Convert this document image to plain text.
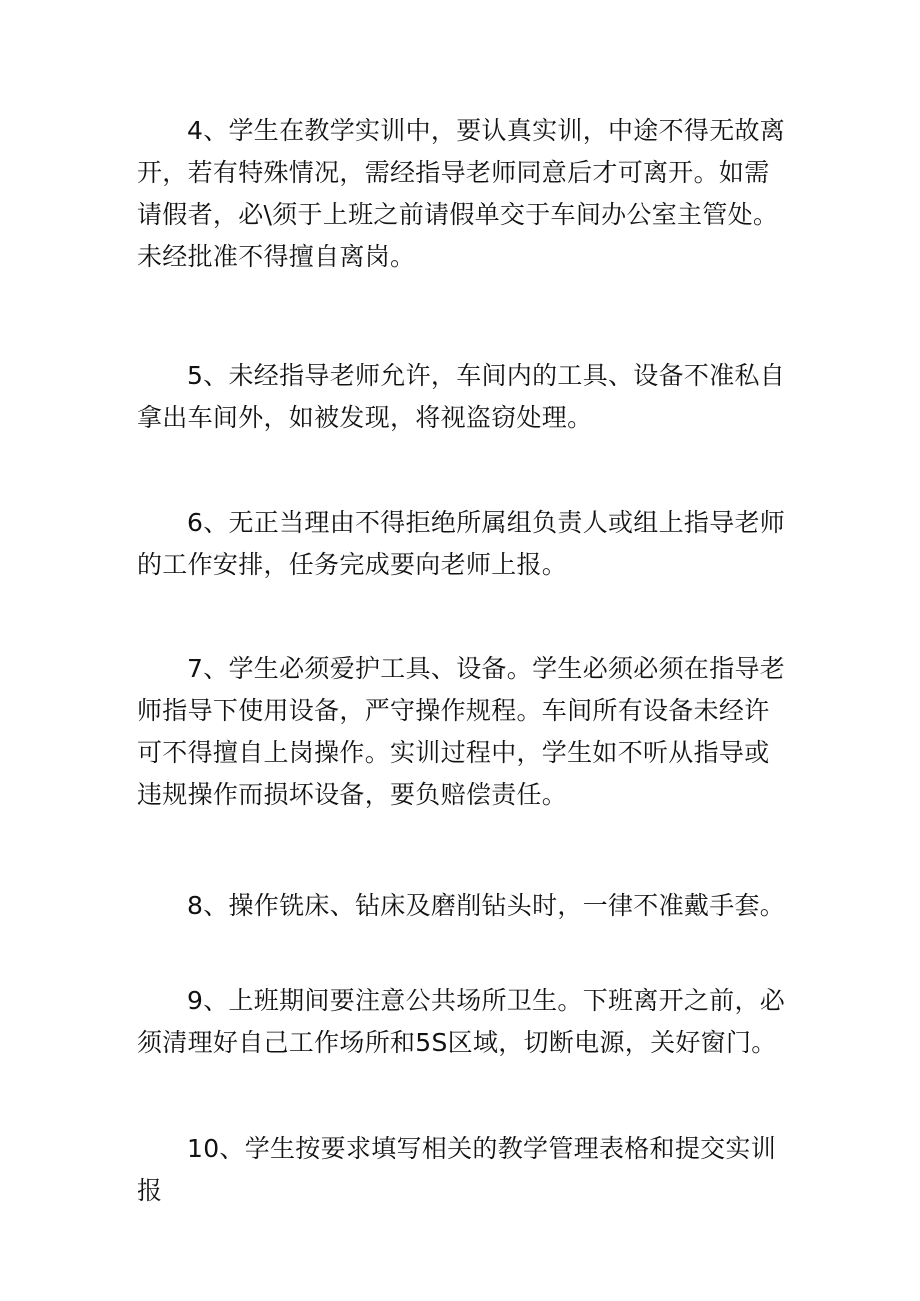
4、学生在教学实训中，要认真实训，中途不得无故离开，若有特殊情况，需经指导老师同意后才可离开。如需请假者，必\须于上班之前请假单交于车间办公室主管处。未经批准不得擅自离岗。

5、未经指导老师允许，车间内的工具、设备不准私自拿出车间外，如被发现，将视盗窃处理。

6、无正当理由不得拒绝所属组负责人或组上指导老师的工作安排，任务完成要向老师上报。

7、学生必须爱护工具、设备。学生必须必须在指导老师指导下使用设备，严守操作规程。车间所有设备未经许可不得擅自上岗操作。实训过程中，学生如不听从指导或违规操作而损坏设备，要负赔偿责任。

8、操作铣床、钻床及磨削钻头时，一律不准戴手套。

9、上班期间要注意公共场所卫生。下班离开之前，必须清理好自己工作场所和5S区域，切断电源，关好窗门。

10、学生按要求填写相关的教学管理表格和提交实训报
